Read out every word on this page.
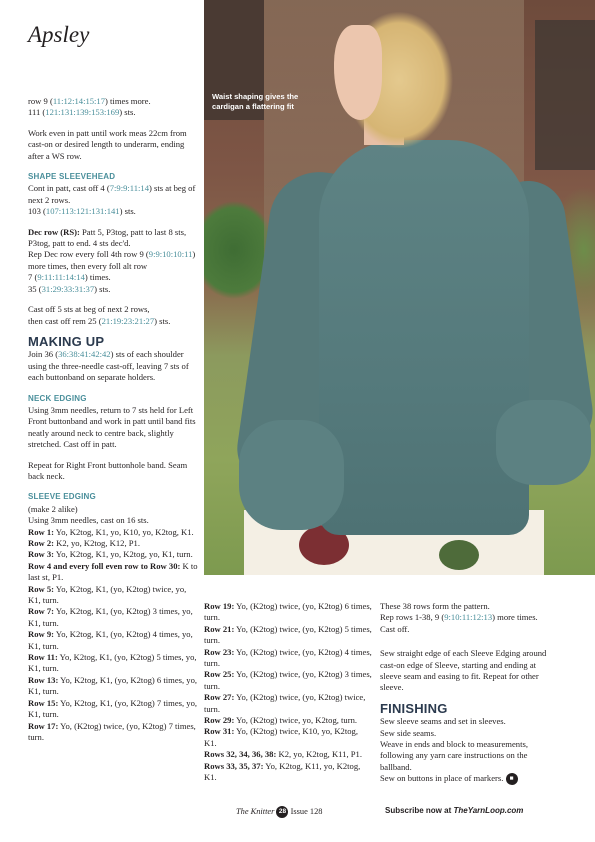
Apsley

row 9 (11:12:14:15:17) times more.
111 (121:131:139:153:169) sts.

Work even in patt until work meas 22cm from cast-on or desired length to underarm, ending after a WS row.

SHAPE SLEEVEHEAD

Cont in patt, cast off 4 (7:9:9:11:14) sts at beg of next 2 rows.
103 (107:113:121:131:141) sts.

Dec row (RS): Patt 5, P3tog, patt to last 8 sts, P3tog, patt to end. 4 sts dec'd.
Rep Dec row every foll 4th row 9 (9:9:10:10:11) more times, then every foll alt row
7 (9:11:11:14:14) times.
35 (31:29:33:31:37) sts.

Cast off 5 sts at beg of next 2 rows,
then cast off rem 25 (21:19:23:21:27) sts.

MAKING UP

Join 36 (36:38:41:42:42) sts of each shoulder using the three-needle cast-off, leaving 7 sts of each buttonband on separate holders.

NECK EDGING

Using 3mm needles, return to 7 sts held for Left Front buttonband and work in patt until band fits neatly around neck to centre back, slightly stretched. Cast off in patt.

Repeat for Right Front buttonhole band. Seam back neck.

SLEEVE EDGING
(make 2 alike)
Using 3mm needles, cast on 16 sts.
Row 1: Yo, K2tog, K1, yo, K10, yo, K2tog, K1.
Row 2: K2, yo, K2tog, K12, P1.
Row 3: Yo, K2tog, K1, yo, K2tog, yo, K1, turn.
Row 4 and every foll even row to Row 30: K to last st, P1.
Row 5: Yo, K2tog, K1, (yo, K2tog) twice, yo, K1, turn.
Row 7: Yo, K2tog, K1, (yo, K2tog) 3 times, yo, K1, turn.
Row 9: Yo, K2tog, K1, (yo, K2tog) 4 times, yo, K1, turn.
Row 11: Yo, K2tog, K1, (yo, K2tog) 5 times, yo, K1, turn.
Row 13: Yo, K2tog, K1, (yo, K2tog) 6 times, yo, K1, turn.
Row 15: Yo, K2tog, K1, (yo, K2tog) 7 times, yo, K1, turn.
Row 17: Yo, (K2tog) twice, (yo, K2tog) 7 times, turn.
Waist shaping gives the cardigan a flattering fit
Row 19: Yo, (K2tog) twice, (yo, K2tog) 6 times, turn.
Row 21: Yo, (K2tog) twice, (yo, K2tog) 5 times, turn.
Row 23: Yo, (K2tog) twice, (yo, K2tog) 4 times, turn.
Row 25: Yo, (K2tog) twice, (yo, K2tog) 3 times, turn.
Row 27: Yo, (K2tog) twice, (yo, K2tog) twice, turn.
Row 29: Yo, (K2tog) twice, yo, K2tog, turn.
Row 31: Yo, (K2tog) twice, K10, yo, K2tog, K1.
Rows 32, 34, 36, 38: K2, yo, K2tog, K11, P1.
Rows 33, 35, 37: Yo, K2tog, K11, yo, K2tog, K1.

These 38 rows form the pattern.

Rep rows 1-38, 9 (9:10:11:12:13) more times.

Cast off.

Sew straight edge of each Sleeve Edging around cast-on edge of Sleeve, starting and ending at sleeve seam and easing to fit. Repeat for other sleeve.

FINISHING
Sew sleeve seams and set in sleeves.
Sew side seams.
Weave in ends and block to measurements, following any yarn care instructions on the ballband.
Sew on buttons in place of markers. ■
The Knitter 28 Issue 128	Subscribe now at TheYarnLoop.com
